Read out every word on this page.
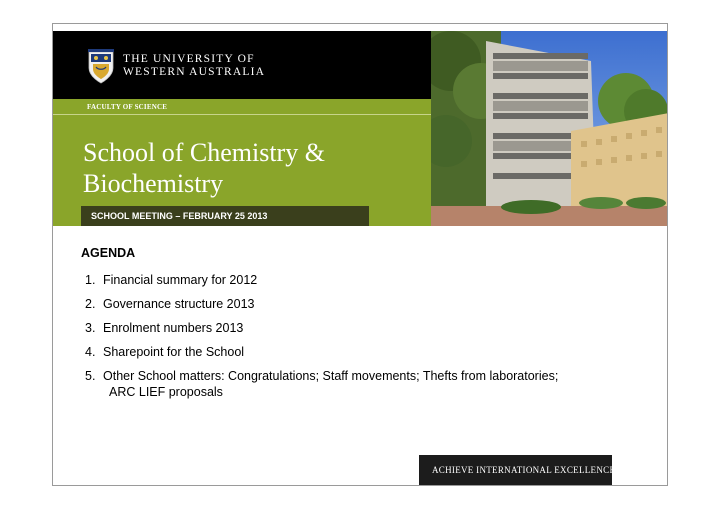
THE UNIVERSITY OF
WESTERN AUSTRALIA
FACULTY OF SCIENCE
School of Chemistry & Biochemistry
SCHOOL MEETING – FEBRUARY 25 2013
AGENDA
1. Financial summary for 2012
2. Governance structure 2013
3. Enrolment numbers 2013
4. Sharepoint for the School
5. Other School matters: Congratulations; Staff movements; Thefts from laboratories;
ARC LIEF proposals
ACHIEVE INTERNATIONAL EXCELLENCE
